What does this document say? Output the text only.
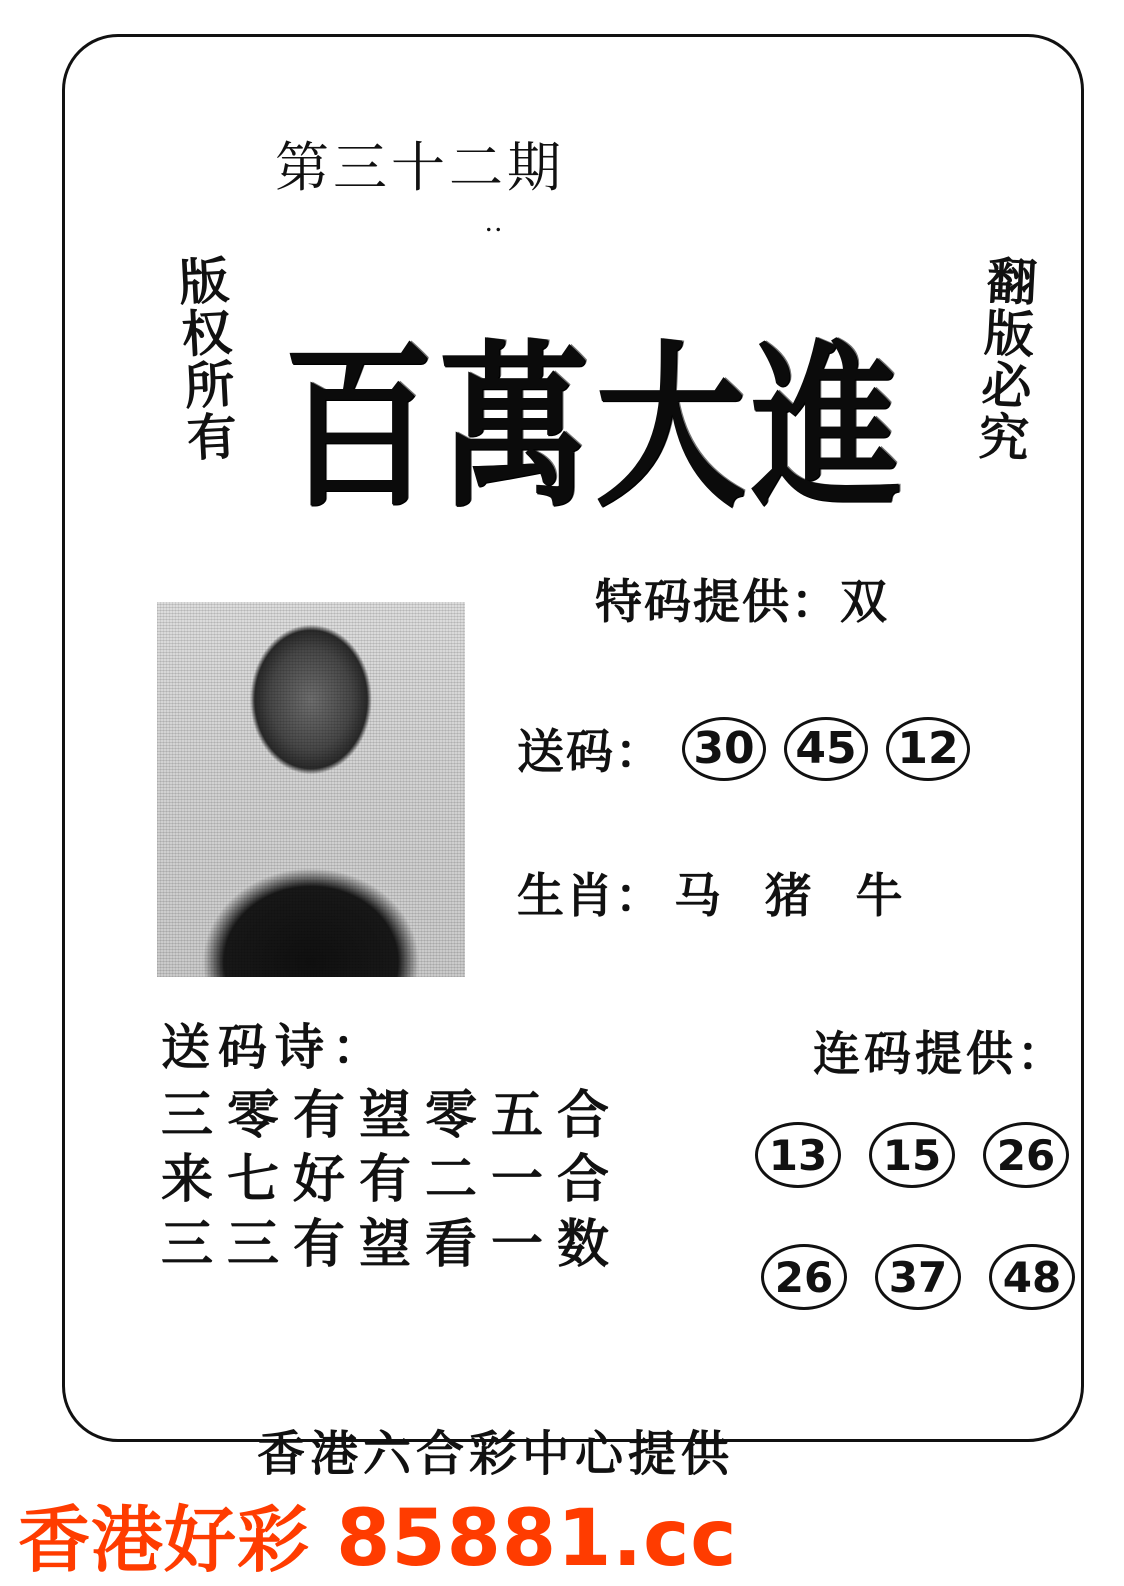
第三十二期
..
版权所有	翻版必究
百萬大進
特码提供：双
送码： 30 45 12
生肖： 马 猪 牛
送码诗：
三零有望零五合
来七好有二一合
三三有望看一数
连码提供：
13	15	26
26	37	48
香港六合彩中心提供
香港好彩 85881.cc
